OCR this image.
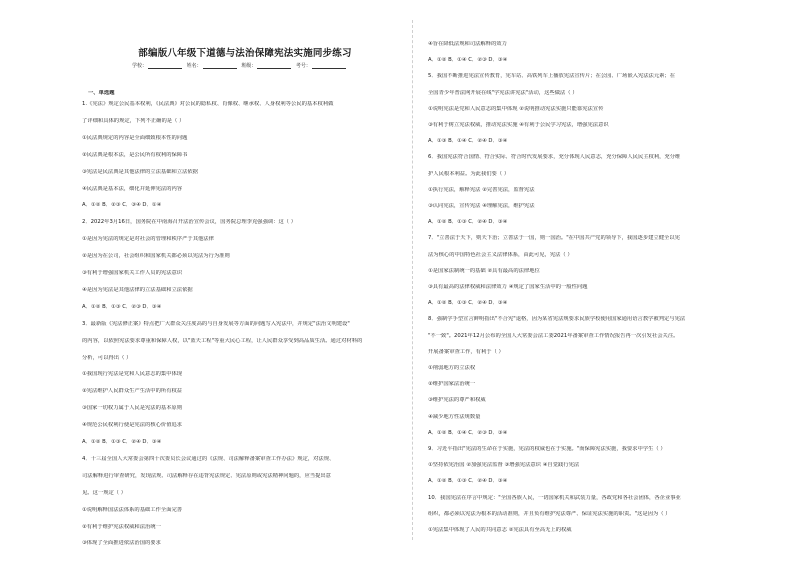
部编版八年级下道德与法治保障宪法实施同步练习
学校：	姓名：	班级：	考号：
一、单选题
1.《宪法》规定公民基本权利，《民法典》对公民的隐私权、肖像权、继承权、人身权利等公民的基本权利做
了详细和具体的规定，下列不正确的是（ ）
①民法典规定的内容是全面细致根本性的问题
②民法典是根本法，是公民所有权利的保障书
③宪法是民法典是其他法律的立法基础和立法依据
④民法典是基本法，细化并延伸宪法的内容
A．①② B．②③ C．③④ D．①④
2．2022年3月16日，国务院在中南海召开法治宣传会议，国务院总理李克强强调：这（ ）
①是因为宪法的规定是对社会的管理和秩序严于其他法律
②是因为在公司，社会组织和国家机关都必须以宪法为行为准则
③有利于增强国家机关工作人员的宪法意识
④是因为宪法是其他法律的立法基础和立法依据
A．①② B．①③ C．②③ D．③④
3．最新版《宪法修正案》特点把广大群众关注度高的与自身发展等方面的问题写入宪法中，并规定"法治文明建设"
的内容，以依照宪法要求尊重和保障人权，以"蓝天工程"等重大民心工程，让人民群众享受到高品质生活。通过对材料的
分析，可以得出（ ）
①我国现行宪法是党和人民意志的集中体现
②宪法维护人民群众生产生活中的所有权益
③国家一切权力属于人民是宪法的基本原则
④规范公民权利行使是宪法的核心价值追求
A．①② B．①③ C．②④ D．③④
4．十三届全国人大常委会第四十次委员长会议通过的《法规、司法解释备案审查工作办法》规定，对法规、
司法解释进行审查研究，发现法规、司法解释存在违背宪法规定、宪法原则或宪法精神问题的，应当提出意
见。这一规定（ ）
①说明解释国法法体系的基础工作全面完善
②有利于维护宪法权威和法治统一
③体现了全面推进依法治国的要求
④旨在降低法规和司法解释的效力
A．①② B．①④ C．②③ D．③④
5．我国不断推进宪法宣传教育，宪车站、高铁列车上播放宪法宣传片；在公园、广场嵌入宪法法元素；在
全国青少年普法网开展在线"学宪法讲宪法"活动，这些做法（ ）
①说明宪法是党和人民意志的集中体现 ②说明推动宪法实施只能靠宪法宣传
③有利于树立宪法权威，推动宪法实施 ④有利于公民学习宪法，增强宪法意识
A．①③ B．①④ C．②④ D．③④
6．我国宪法符合国情、符合实际、符合时代发展要求，充分体现人民意志，充分保障人民民主权利，充分维
护人民根本利益。为此我们要（ ）
①执行宪法，解释宪法 ②完善宪法，监督宪法
③认同宪法，宣传宪法 ④理解宪法，维护宪法
A．①② B．①③ C．②④ D．③④
7．"立善法于天下，则天下治；立善法于一国，则一国治。"在中国共产党的领导下，我国逐步建立健全以宪
法为核心的中国特色社会主义法律体系，由此可见，宪法（ ）
①是国家法制统一的基础 ②具有最高的法律地位
③具有最高的法律权威和法律效力 ④规定了国家生活中的一般性问题
A．①② B．①③ C．②④ D．③④
8．强制学手型宣言鲜明指出"不合宪"退格，因为某省宪法规要求民族学校使用国家通用语言教学被判定与宪法
"不一致"。2021年12月公布的全国人大常委会法工委2021年备案审查工作情况报告再一次引发社会关注。
开展备案审查工作，有利于（ ）
①削弱地方的立法权
②维护国家法治统一
③维护宪法的尊严和权威
④减少地方性法规数量
A．①② B．①④ C．②③ D．③④
9．习近平指出"宪法的生命在于实施，宪法的权威也在于实施。"而保障宪法实施，我要求中学生（ ）
①坚持依宪治国 ②加强宪法监督 ③增强宪法意识 ④自觉践行宪法
A．①② B．①③ C．②④ D．③④
10．我国宪法在序言中规定："全国各族人民，一切国家机关和武装力量，各政党和各社会团体，各企业事业
组织，都必须以宪法为根本的活动准则，并且负有维护宪法尊严、保证宪法实施的职责。"这是因为（ ）
①宪法集中体现了人民的共同意志 ②宪法具有至高无上的权威
